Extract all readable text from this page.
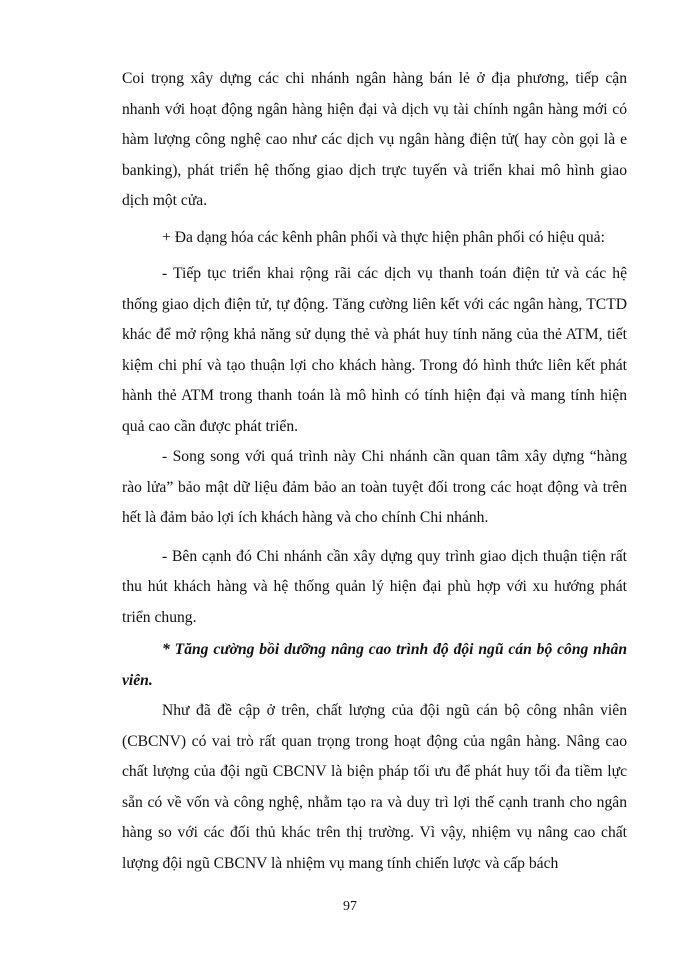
Coi trọng xây dựng các chi nhánh ngân hàng bán lẻ ở địa phương, tiếp cận nhanh với hoạt động ngân hàng hiện đại và dịch vụ tài chính ngân hàng mới có hàm lượng công nghệ cao như các dịch vụ ngân hàng điện tử( hay còn gọi là e banking), phát triển hệ thống giao dịch trực tuyến và triển khai mô hình giao dịch một cửa.

+ Đa dạng hóa các kênh phân phối và thực hiện phân phối có hiệu quả:

- Tiếp tục triển khai rộng rãi các dịch vụ thanh toán điện tử và các hệ thống giao dịch điện tử, tự động. Tăng cường liên kết với các ngân hàng, TCTD khác để mở rộng khả năng sử dụng thẻ và phát huy tính năng của thẻ ATM, tiết kiệm chi phí và tạo thuận lợi cho khách hàng. Trong đó hình thức liên kết phát hành thẻ ATM trong thanh toán là mô hình có tính hiện đại và mang tính hiện quả cao cần được phát triển.

- Song song với quá trình này Chi nhánh cần quan tâm xây dựng “hàng rào lửa” bảo mật dữ liệu đảm bảo an toàn tuyệt đối trong các hoạt động và trên hết là đảm bảo lợi ích khách hàng và cho chính Chi nhánh.

- Bên cạnh đó Chi nhánh cần xây dựng quy trình giao dịch thuận tiện rất thu hút khách hàng và hệ thống quản lý hiện đại phù hợp với xu hướng phát triển chung.

* Tăng cường bồi dưỡng nâng cao trình độ đội ngũ cán bộ công nhân viên.

Như đã đề cập ở trên, chất lượng của đội ngũ cán bộ công nhân viên (CBCNV) có vai trò rất quan trọng trong hoạt động của ngân hàng. Nâng cao chất lượng của đội ngũ CBCNV là biện pháp tối ưu để phát huy tối đa tiềm lực sẵn có về vốn và công nghệ, nhằm tạo ra và duy trì lợi thế cạnh tranh cho ngân hàng so với các đối thủ khác trên thị trường. Vì vậy, nhiệm vụ nâng cao chất lượng đội ngũ CBCNV là nhiệm vụ mang tính chiến lược và cấp bách

97
